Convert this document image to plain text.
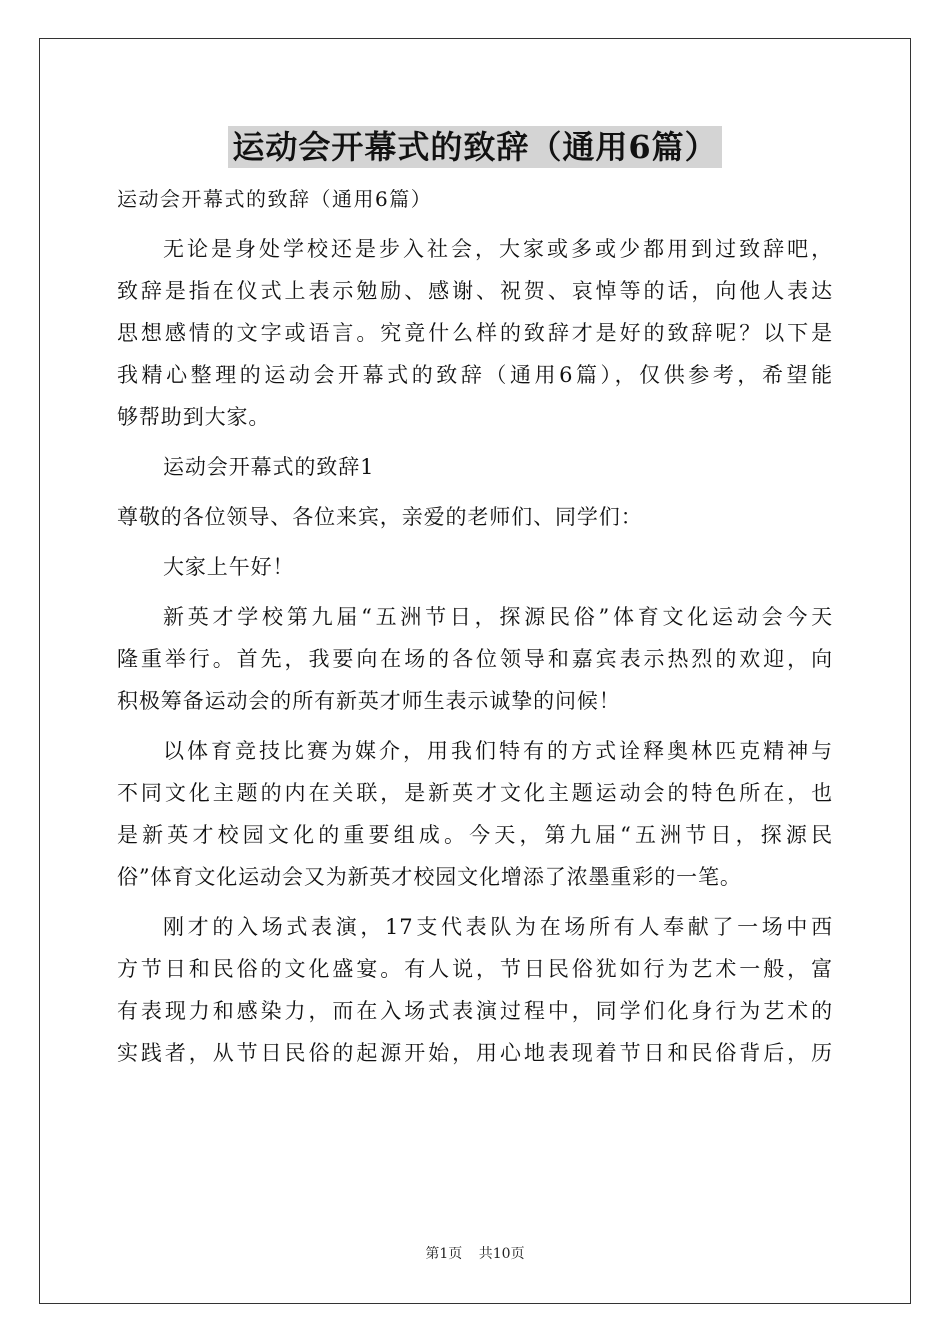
运动会开幕式的致辞（通用6篇）
运动会开幕式的致辞（通用6篇）
无论是身处学校还是步入社会，大家或多或少都用到过致辞吧，
致辞是指在仪式上表示勉励、感谢、祝贺、哀悼等的话，向他人表达
思想感情的文字或语言。究竟什么样的致辞才是好的致辞呢？以下是
我精心整理的运动会开幕式的致辞（通用6篇），仅供参考，希望能
够帮助到大家。
运动会开幕式的致辞1
尊敬的各位领导、各位来宾，亲爱的老师们、同学们：
大家上午好！
新英才学校第九届“五洲节日，探源民俗”体育文化运动会今天
隆重举行。首先，我要向在场的各位领导和嘉宾表示热烈的欢迎，向
积极筹备运动会的所有新英才师生表示诚挚的问候！
以体育竞技比赛为媒介，用我们特有的方式诠释奥林匹克精神与
不同文化主题的内在关联，是新英才文化主题运动会的特色所在，也
是新英才校园文化的重要组成。今天，第九届“五洲节日，探源民
俗”体育文化运动会又为新英才校园文化增添了浓墨重彩的一笔。
刚才的入场式表演，17支代表队为在场所有人奉献了一场中西
方节日和民俗的文化盛宴。有人说，节日民俗犹如行为艺术一般，富
有表现力和感染力，而在入场式表演过程中，同学们化身行为艺术的
实践者，从节日民俗的起源开始，用心地表现着节日和民俗背后，历
第1页 共10页
